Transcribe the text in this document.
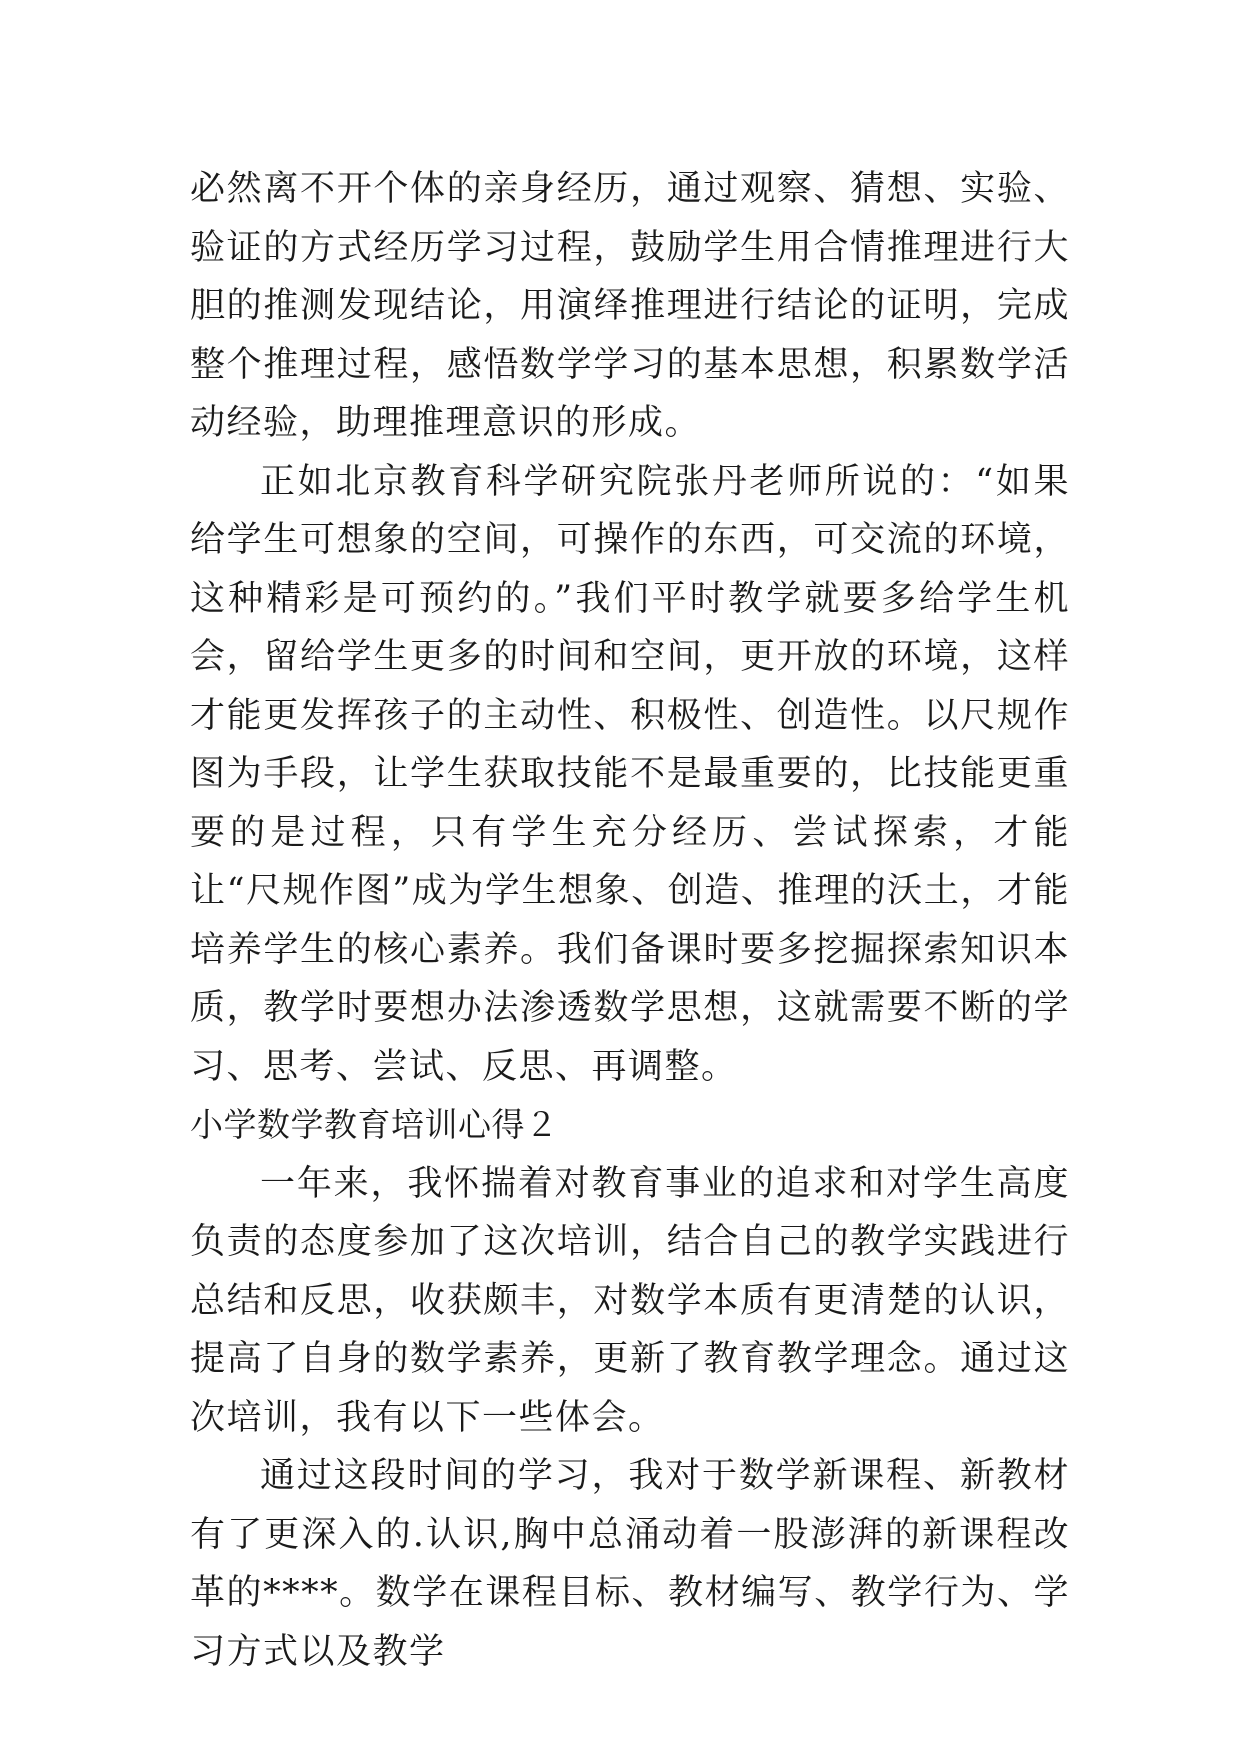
必然离不开个体的亲身经历，通过观察、猜想、实验、验证的方式经历学习过程，鼓励学生用合情推理进行大胆的推测发现结论，用演绎推理进行结论的证明，完成整个推理过程，感悟数学学习的基本思想，积累数学活动经验，助理推理意识的形成。

正如北京教育科学研究院张丹老师所说的：“如果给学生可想象的空间，可操作的东西，可交流的环境，这种精彩是可预约的。”我们平时教学就要多给学生机会，留给学生更多的时间和空间，更开放的环境，这样才能更发挥孩子的主动性、积极性、创造性。以尺规作图为手段，让学生获取技能不是最重要的，比技能更重要的是过程，只有学生充分经历、尝试探索，才能让“尺规作图”成为学生想象、创造、推理的沃土，才能培养学生的核心素养。我们备课时要多挖掘探索知识本质，教学时要想办法渗透数学思想，这就需要不断的学习、思考、尝试、反思、再调整。

小学数学教育培训心得２

一年来，我怀揣着对教育事业的追求和对学生高度负责的态度参加了这次培训，结合自己的教学实践进行总结和反思，收获颇丰，对数学本质有更清楚的认识，提高了自身的数学素养，更新了教育教学理念。通过这次培训，我有以下一些体会。

通过这段时间的学习，我对于数学新课程、新教材有了更深入的.认识,胸中总涌动着一股澎湃的新课程改革的****。数学在课程目标、教材编写、教学行为、学习方式以及教学
